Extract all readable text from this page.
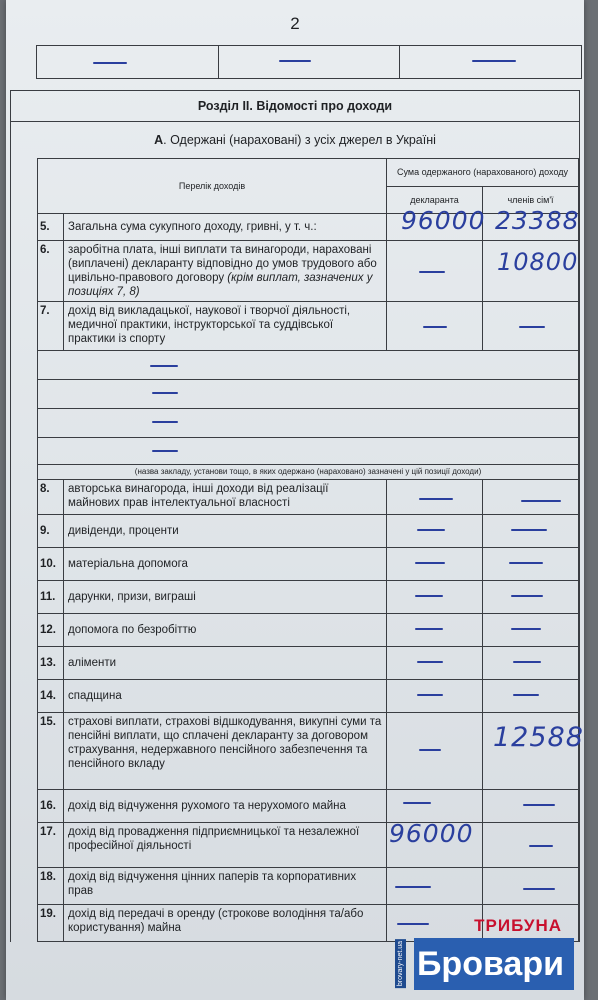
2
Розділ ІІ. Відомості про доходи
А . Одержані (нараховані) з усіх джерел в Україні
Перелік доходів		Сума одержаного (нарахованого) доходу	
		декларанта	членів сім'ї
5.	Загальна сума сукупного доходу, гривні, у т. ч.:	96000	23388

6.	заробітна плата, інші виплати та винагороди, нараховані (виплачені) декларанту відповідно до умов трудового або цивільно-правового договору (крім виплат, зазначених у позиціях 7, 8)		10800

7.	дохід від викладацької, наукової і творчої діяльності, медичної практики, інструкторської та суддівської практики із спорту	

(назва закладу, установи тощо, в яких одержано (нараховано) зазначені у цій позиції доходи)			
8.	авторська винагорода, інші доходи від реалізації майнових прав інтелектуальної власності	

9.	дивіденди, проценти	

10.	матеріальна допомога	

11.	дарунки, призи, виграші	

12.	допомога по безробіттю	

13.	аліменти	

14.	спадщина	

15.	страхові виплати, страхові відшкодування, викупні суми та пенсійні виплати, що сплачені декларанту за договором страхування, недержавного пенсійного забезпечення та пенсійного вкладу		12588

16.	дохід від відчуження рухомого та нерухомого майна	

17.	дохід від провадження підприємницької та незалежної професійної діяльності	96000	

18.	дохід від відчуження цінних паперів та корпоративних прав	

19.	дохід від передачі в оренду (строкове володіння та/або користування) майна	
		ТРИБУНА
Бровари
brovary-net.ua
